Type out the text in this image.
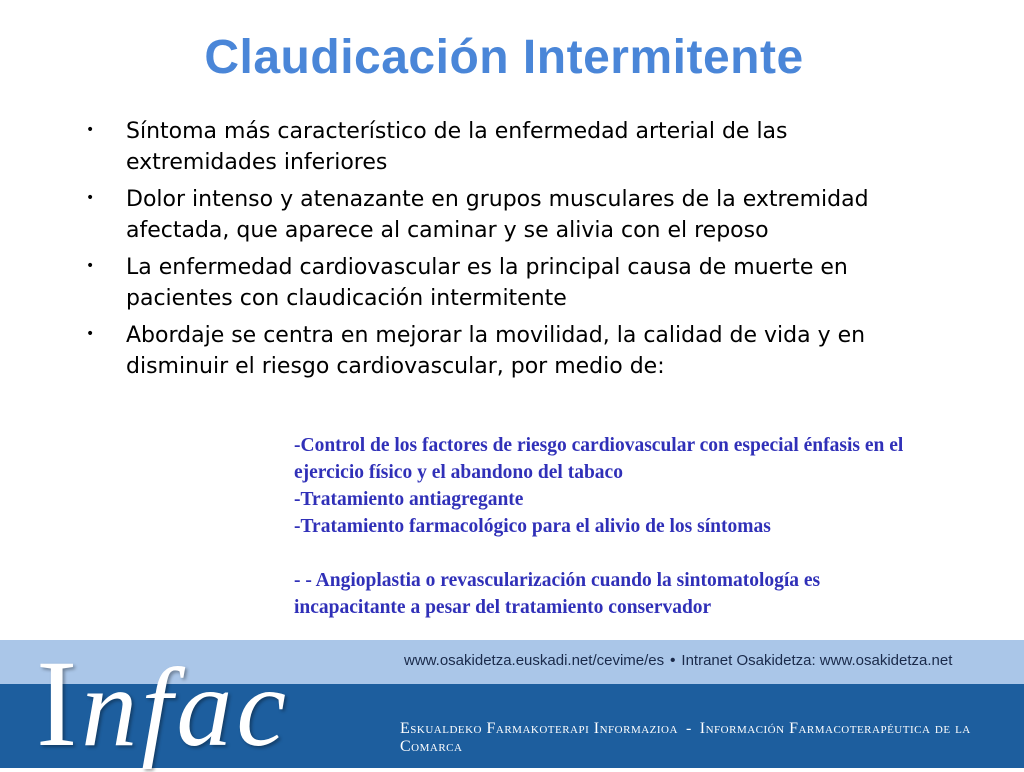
Claudicación Intermitente
• Síntoma más característico de la enfermedad arterial de las extremidades inferiores
• Dolor intenso y atenazante en grupos musculares de la extremidad afectada, que aparece al caminar y se alivia con el reposo
• La enfermedad cardiovascular es la principal causa de muerte en pacientes con claudicación intermitente
• Abordaje se centra en mejorar la movilidad, la calidad de vida y en disminuir el riesgo cardiovascular, por medio de:

-Control de los factores de riesgo cardiovascular con especial énfasis en el ejercicio físico y el abandono del tabaco

-Tratamiento antiagregante

-Tratamiento farmacológico para el alivio de los síntomas

- - Angioplastia o revascularización cuando la sintomatología es incapacitante a pesar del tratamiento conservador

www.osakidetza.euskadi.net/cevime/es • Intranet Osakidetza: www.osakidetza.net
Eskualdeko Farmakoterapi Informazioa - Información Farmacoterapéutica de la Comarca
Infac
